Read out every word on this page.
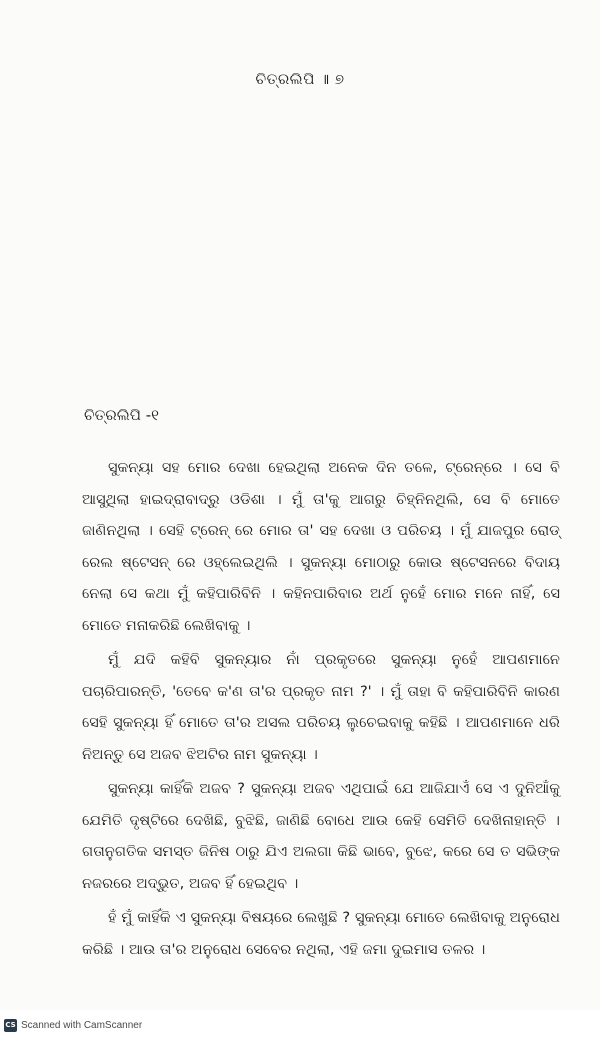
ଚିତ୍ରଲିପି ॥ ୭
ଚିତ୍ରଲିପି -୧

ସୁକନ୍ୟା ସହ ମୋର ଦେଖା ହେଇଥିଲା ଅନେକ ଦିନ ତଳେ, ଟ୍ରେନ୍‌ରେ । ସେ ବି ଆସୁଥିଲା ହାଇଦ୍ରାବାଦ୍‌ରୁ ଓଡିଶା । ମୁଁ ତା'କୁ ଆଗରୁ ଚିହ୍ନିନଥିଲି, ସେ ବି ମୋତେ ଜାଣିନଥିଲା । ସେହି ଟ୍ରେନ୍ ରେ ମୋର ତା' ସହ ଦେଖା ଓ ପରିଚୟ । ମୁଁ ଯାଜପୁର ରୋଡ୍ ରେଲ ଷ୍ଟେସନ୍ ରେ ଓହ୍ଲେଇଥିଲି । ସୁକନ୍ୟା ମୋଠାରୁ କୋଉ ଷ୍ଟେସନରେ ବିଦାୟ ନେଲା ସେ କଥା ମୁଁ କହିପାରିବିନି । କହିନପାରିବାର ଅର୍ଥ ନୁହେଁ ମୋର ମନେ ନାହିଁ, ସେ ମୋତେ ମନାକରିଛି ଲେଖିବାକୁ ।

ମୁଁ ଯଦି କହିବି ସୁକନ୍ୟାର ନାଁ ପ୍ରକୃତରେ ସୁକନ୍ୟା ନୁହେଁ ଆପଣମାନେ ପଚାରିପାରନ୍ତି, 'ତେବେ କ'ଣ ତା'ର ପ୍ରକୃତ ନାମ ?' । ମୁଁ ତାହା ବି କହିପାରିବିନି କାରଣ ସେହି ସୁକନ୍ୟା ହିଁ ମୋତେ ତା'ର ଅସଲ ପରିଚୟ ଲୁଚେଇବାକୁ କହିଛି । ଆପଣମାନେ ଧରି ନିଅନ୍ତୁ ସେ ଅଜବ ଝିଅଟିର ନାମ ସୁକନ୍ୟା ।

ସୁକନ୍ୟା କାହିଁକି ଅଜବ ? ସୁକନ୍ୟା ଅଜବ ଏଥିପାଇଁ ଯେ ଆଜିଯାଏଁ ସେ ଏ ଦୁନିଆଁକୁ ଯେମିତି ଦୃଷ୍ଟିରେ ଦେଖିଛି, ବୁଝିଛି, ଜାଣିଛି ବୋଧେ ଆଉ କେହି ସେମିତି ଦେଖିନାହାନ୍ତି । ଗତାନୁଗତିକ ସମସ୍ତ ଜିନିଷ ଠାରୁ ଯିଏ ଅଲଗା କିଛି ଭାବେ, ବୁଝେ, କରେ ସେ ତ ସଭିଙ୍କ ନଜରରେ ଅଦ୍ଭୁତ, ଅଜବ ହିଁ ହେଇଥିବ ।

ହଁ ମୁଁ କାହିଁକି ଏ ସୁକନ୍ୟା ବିଷୟରେ ଲେଖୁଛି ? ସୁକନ୍ୟା ମୋତେ ଲେଖିବାକୁ ଅନୁରୋଧ କରିଛି । ଆଉ ତା'ର ଅନୁରୋଧ ସେବେର ନଥିଲା, ଏହି ଜମା ଦୁଇମାସ ତଳର ।

CS Scanned with CamScanner
